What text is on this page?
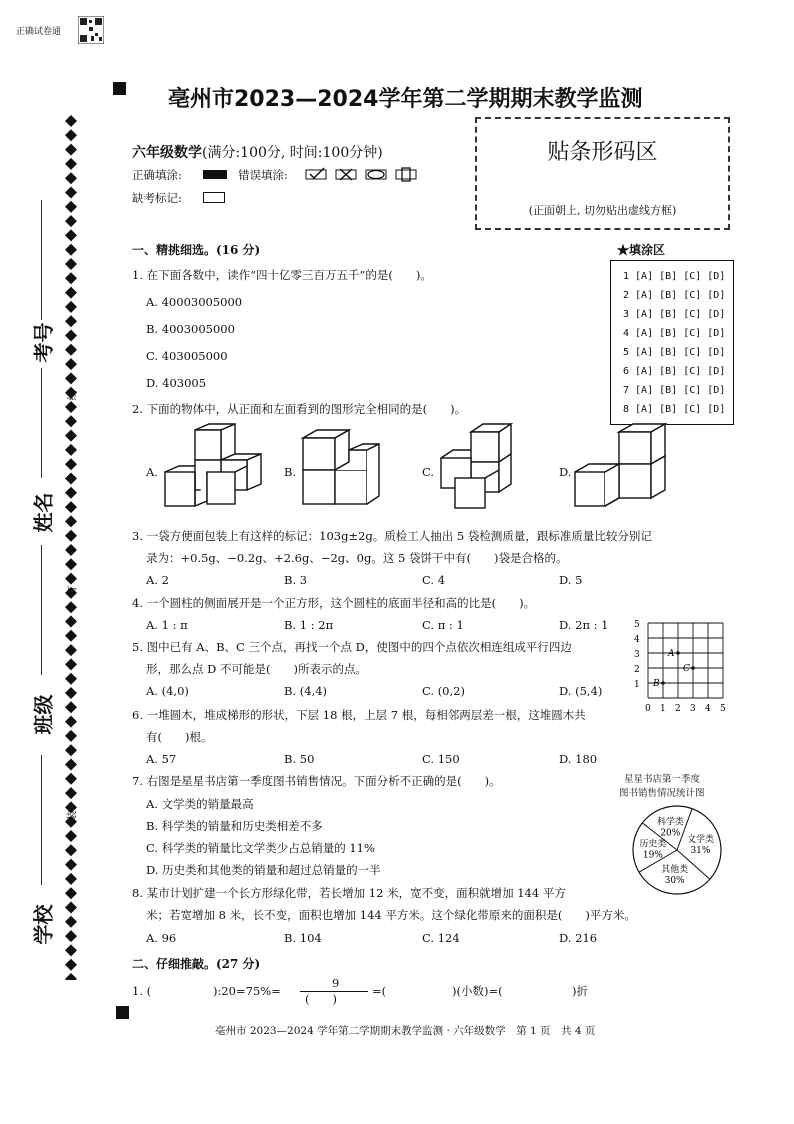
正确试卷通
亳州市2023—2024学年第二学期期末教学监测
六年级数学(满分:100分, 时间:100分钟)
正确填涂:	错误填涂:
缺考标记:
贴条形码区
(正面朝上, 切勿贴出虚线方框)
线
订
装
考号
姓名
班级
学校
★填涂区
1 [A] [B] [C] [D]
2 [A] [B] [C] [D]
3 [A] [B] [C] [D]
4 [A] [B] [C] [D]
5 [A] [B] [C] [D]
6 [A] [B] [C] [D]
7 [A] [B] [C] [D]
8 [A] [B] [C] [D]
一、精挑细选。(16 分)
1. 在下面各数中，读作“四十亿零三百万五千”的是(　　)。
A. 40003005000
B. 4003005000
C. 403005000
D. 403005
2. 下面的物体中，从正面和左面看到的图形完全相同的是(　　)。
A.	B.	C.	D.
3. 一袋方便面包装上有这样的标记：103g±2g。质检工人抽出 5 袋检测质量，跟标准质量比较分别记
录为：+0.5g、−0.2g、+2.6g、−2g、0g。这 5 袋饼干中有(　　)袋是合格的。
A. 2	B. 3	C. 4	D. 5
4. 一个圆柱的侧面展开是一个正方形，这个圆柱的底面半径和高的比是(　　)。
A. 1 : π	B. 1 : 2π	C. π : 1	D. 2π : 1
5. 图中已有 A、B、C 三个点，再找一个点 D，使图中的四个点依次相连组成平行四边
形，那么点 D 不可能是(　　)所表示的点。
A. (4,0)	B. (4,4)	C. (0,2)	D. (5,4)
5
4
3
2
1
0 1 2 3 4 5
A
B
C
6. 一堆圆木，堆成梯形的形状，下层 18 根，上层 7 根，每相邻两层差一根，这堆圆木共
有(　　)根。
A. 57	B. 50	C. 150	D. 180
7. 右图是星星书店第一季度图书销售情况。下面分析不正确的是(　　)。
A. 文学类的销量最高
B. 科学类的销量和历史类相差不多
C. 科学类的销量比文学类少占总销量的 11%
D. 历史类和其他类的销量和超过总销量的一半
星星书店第一季度
图书销售情况统计图
文学类
31%
其他类
30%
历史类
19%
科学类
20%
8. 某市计划扩建一个长方形绿化带，若长增加 12 米，宽不变，面积就增加 144 平方
米；若宽增加 8 米，长不变，面积也增加 144 平方米。这个绿化带原来的面积是(　　)平方米。
A. 96	B. 104	C. 124	D. 216
二、仔细推敲。(27 分)
1. (	):20=75%=
9
(　　)
=(	)(小数)=(	)折
亳州市 2023—2024 学年第二学期期末教学监测 · 六年级数学　第 1 页　共 4 页
